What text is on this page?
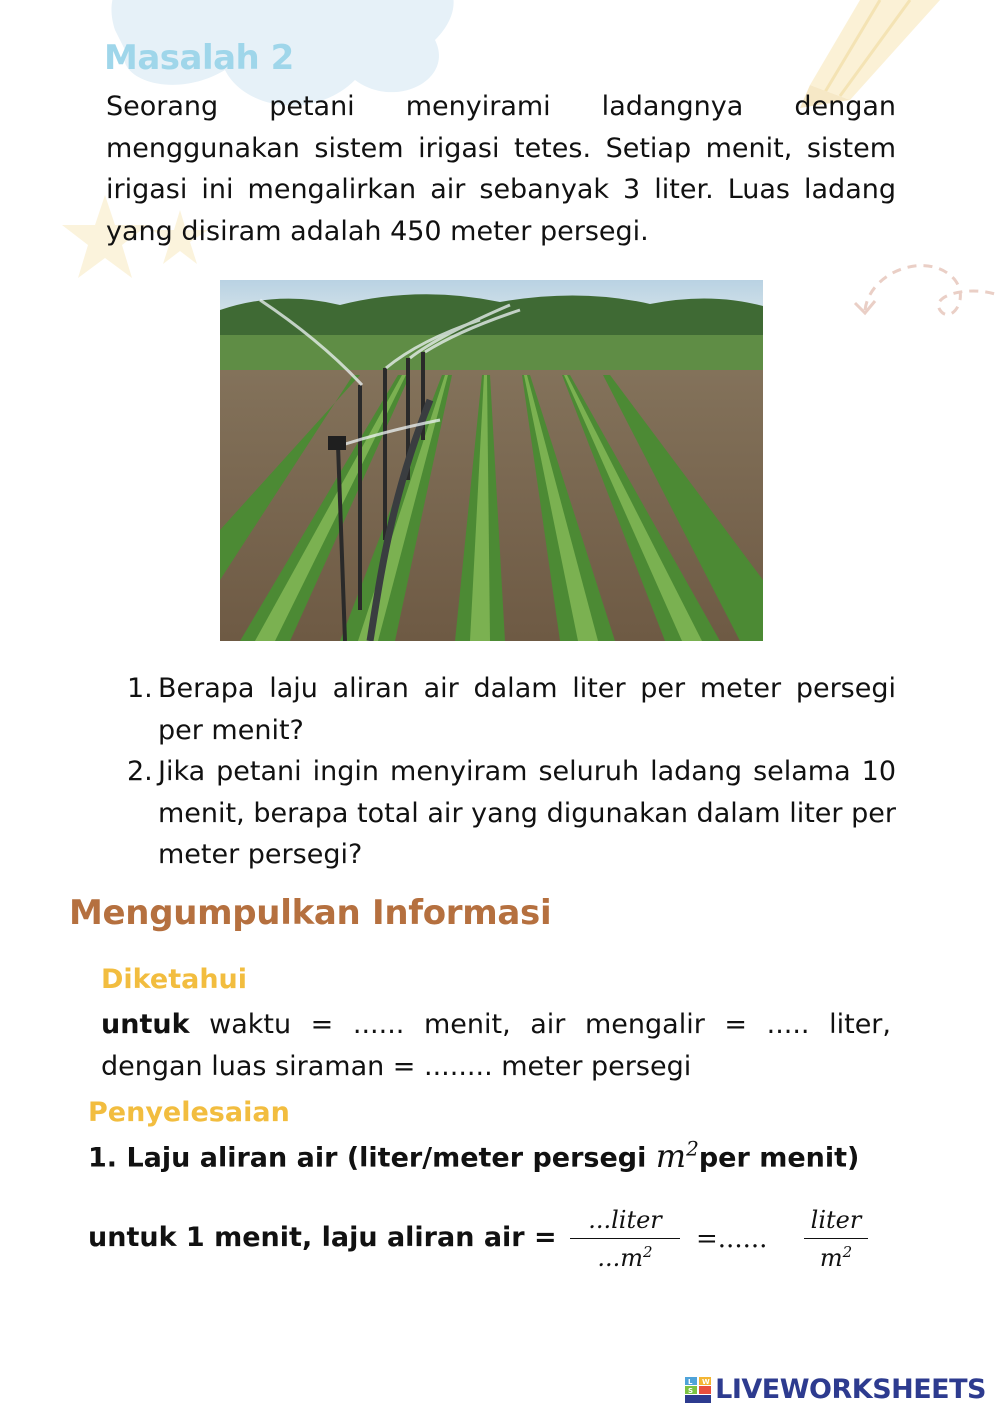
Masalah 2

Seorang petani menyirami ladangnya dengan menggunakan sistem irigasi tetes. Setiap menit, sistem irigasi ini mengalirkan air sebanyak 3 liter. Luas ladang yang disiram adalah 450 meter persegi.

1. Berapa laju aliran air dalam liter per meter persegi per menit?
2. Jika petani ingin menyiram seluruh ladang selama 10 menit, berapa total air yang digunakan dalam liter per meter persegi?
Mengumpulkan Informasi
Diketahui

untuk waktu = ...... menit, air mengalir = ..... liter, dengan luas siraman = ........ meter persegi

Penyelesaian
1. Laju aliran air (liter/meter persegi $m^2per$ menit)
untuk 1 menit, laju aliran air =
...liter
$...m^2$	=......
liter
$m^2$
L W
S LIVEWORKSHEETS
